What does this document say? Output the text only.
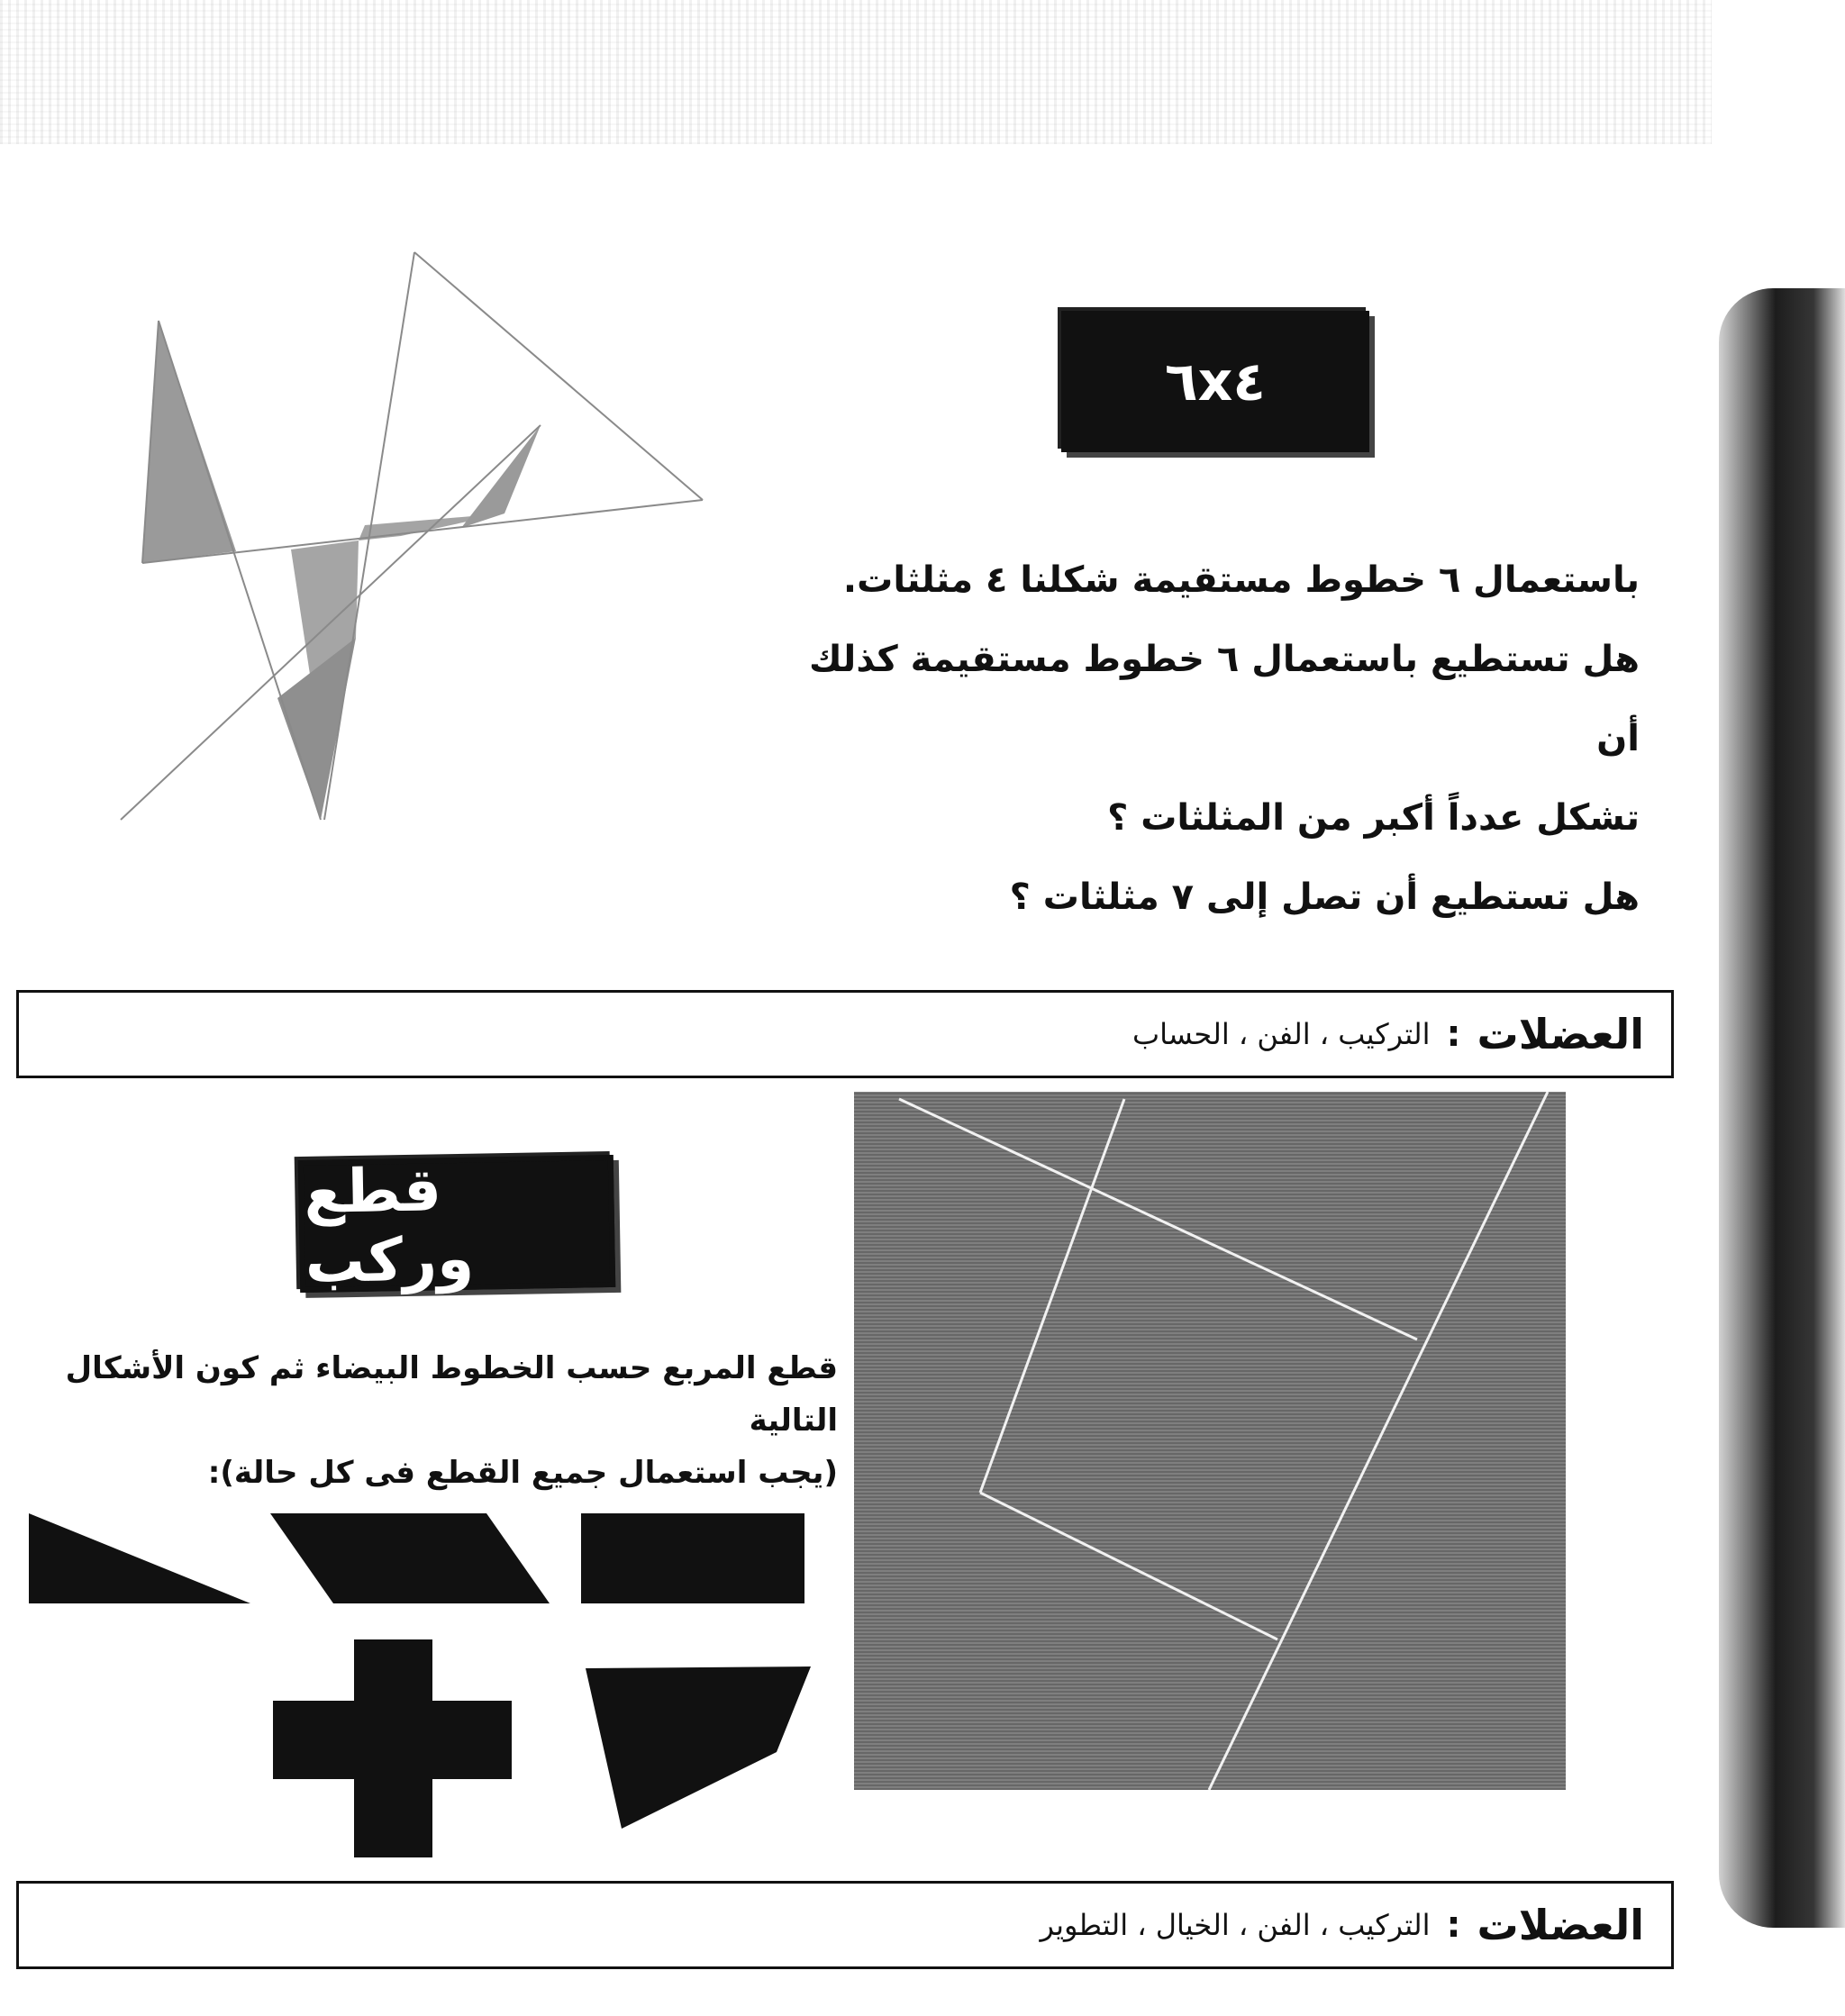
٦x٤
باستعمال ٦ خطوط مستقيمة شكلنا ٤ مثلثات.
هل تستطيع باستعمال ٦ خطوط مستقيمة كذلك أن
تشكل عدداً أكبر من المثلثات ؟
هل تستطيع أن تصل إلى ٧ مثلثات ؟
العضلات
:
التركيب ، الفن ، الحساب
قطع وركب
قطع المربع حسب الخطوط البيضاء ثم كون الأشكال التالية
(يجب استعمال جميع القطع فى كل حالة):
العضلات
:
التركيب ، الفن ، الخيال ، التطوير
